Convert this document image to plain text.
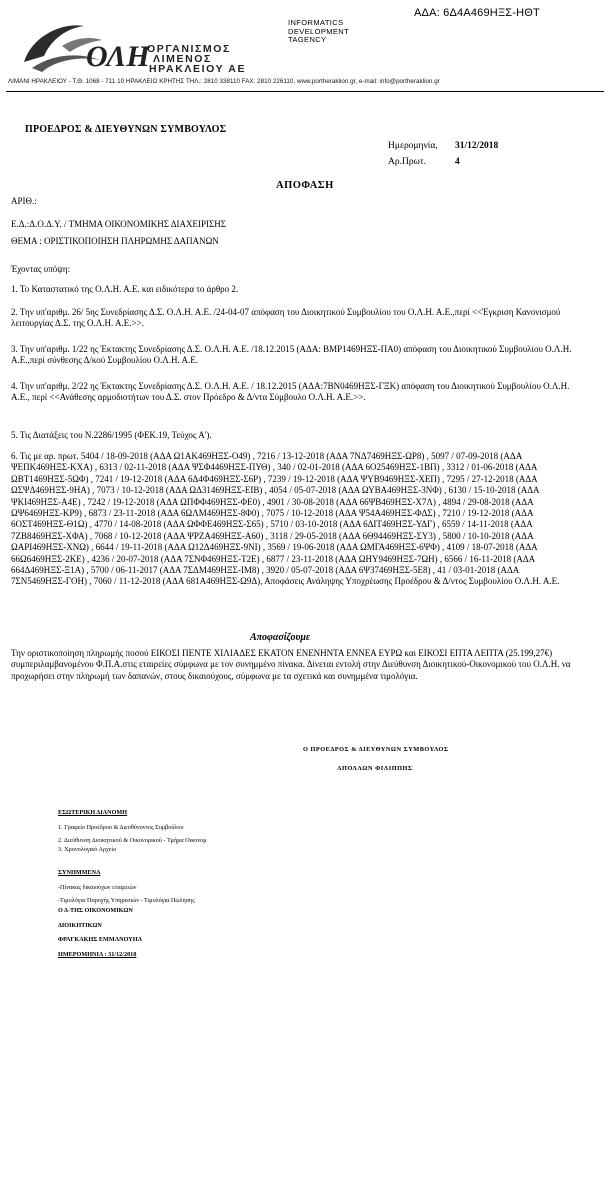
ΑΔΑ: 6Δ4Α469ΗΞΣ-ΗΘΤ
ΟΛΗ
ΟΡΓΑΝΙΣΜΟΣ
ΛΙΜΕΝΟΣ
ΗΡΑΚΛΕΙΟΥ ΑΕ
INFORMATICS
DEVELOPMENT
TAGENCY
ΛΙΜΑΝΙ ΗΡΑΚΛΕΙΟΥ - Τ.Θ. 1068 - 711 10 ΗΡΑΚΛΕΙΟ ΚΡΗΤΗΣ ΤΗΛ.: 2810 338110 FAX: 2810 226110, www.portheraklion.gr, e-mail: info@portheraklion.gr
ΠΡΟΕΔΡΟΣ & ΔΙΕΥΘΥΝΩΝ ΣΥΜΒΟΥΛΟΣ
Ημερομηνία,	31/12/2018
Αρ.Πρωτ.	4
ΑΠΟΦΑΣΗ
ΑΡΙΘ.:
Ε.Δ.:Δ.Ο.Δ.Υ. / ΤΜΗΜΑ ΟΙΚΟΝΟΜΙΚΗΣ ΔΙΑΧΕΙΡΙΣΗΣ
ΘΕΜΑ : ΟΡΙΣΤΙΚΟΠΟΙΗΣΗ ΠΛΗΡΩΜΗΣ ΔΑΠΑΝΩΝ
Έχοντας υπόψη:
1. Το Καταστατικό της Ο.Λ.Η. Α.Ε. και ειδικότερα το άρθρο 2.
2. Την υπ'αριθμ. 26/ 5ης Συνεδρίασης Δ.Σ. Ο.Λ.Η. Α.Ε. /24-04-07 απόφαση του Διοικητικού Συμβουλίου του Ο.Λ.Η. Α.Ε.,περί <<Έγκριση Κανονισμού λειτουργίας Δ.Σ. της Ο.Λ.Η. Α.Ε.>>.
3. Την υπ'αριθμ. 1/22 ης Έκτακτης Συνεδρίασης Δ.Σ. Ο.Λ.Η. Α.Ε. /18.12.2015 (ΑΔΑ: ΒΜΡ1469ΗΞΣ-ΠΑ0) απόφαση του Διοικητικού Συμβουλίου Ο.Λ.Η. Α.Ε.,περί σύνθεσης Δ/κού Συμβουλίου Ο.Λ.Η. Α.Ε.
4. Την υπ'αριθμ. 2/22 ης Έκτακτης Συνεδρίασης Δ.Σ. Ο.Λ.Η. Α.Ε. / 18.12.2015 (ΑΔΑ:7ΒΝ0469ΗΞΣ-ΓΞΚ) απόφαση του Διοικητικού Συμβουλίου Ο.Λ.Η. Α.Ε., περί <<Ανάθεσης αρμοδιοτήτων του Δ.Σ. στον Πρόεδρο & Δ/ντα Σύμβουλο Ο.Λ.Η. Α.Ε.>>.
5. Τις Διατάξεις του Ν.2286/1995 (ΦΕΚ.19, Τεύχος Α').
6. Τις με αρ. πρωτ. 5404 / 18-09-2018 (ΑΔΑ Ω1ΑΚ469ΗΞΣ-Ο49) , 7216 / 13-12-2018 (ΑΔΑ 7ΝΔ7469ΗΞΣ-ΩΡ8) , 5097 / 07-09-2018 (ΑΔΑ ΨΕΠΚ469ΗΞΣ-ΚΧΑ) , 6313 / 02-11-2018 (ΑΔΑ ΨΣΦ4469ΗΞΣ-ΠΥΘ) , 340 / 02-01-2018 (ΑΔΑ 6Ο25469ΗΞΣ-1ΒΠ) , 3312 / 01-06-2018 (ΑΔΑ ΩΒΤ1469ΗΞΣ-5ΩΦ) , 7241 / 19-12-2018 (ΑΔΑ 6Δ4Φ469ΗΞΣ-Σ6Ρ) , 7239 / 19-12-2018 (ΑΔΑ ΨΥΒ9469ΗΞΣ-ΧΕΠ) , 7295 / 27-12-2018 (ΑΔΑ ΩΣΨΔ469ΗΞΣ-9ΗΑ) , 7073 / 10-12-2018 (ΑΔΑ ΩΔ31469ΗΞΣ-ΕΙΒ) , 4054 / 05-07-2018 (ΑΔΑ ΩΥΒΑ469ΗΞΣ-3ΝΦ) , 6130 / 15-10-2018 (ΑΔΑ ΨΚΙ469ΗΞΣ-Α4Ε) , 7242 / 19-12-2018 (ΑΔΑ ΩΠΦΦ469ΗΞΣ-ΦΕ0) , 4901 / 30-08-2018 (ΑΔΑ 66ΨΒ469ΗΞΣ-Χ7Λ) , 4894 / 29-08-2018 (ΑΔΑ ΩΨ6469ΗΞΣ-ΚΡ9) , 6873 / 23-11-2018 (ΑΔΑ 6ΩΛΜ469ΗΞΣ-8Φ0) , 7075 / 10-12-2018 (ΑΔΑ Ψ54Α469ΗΞΣ-ΦΔΣ) , 7210 / 19-12-2018 (ΑΔΑ 6ΟΣΤ469ΗΞΣ-Θ1Ω) , 4770 / 14-08-2018 (ΑΔΑ ΩΦΦΕ469ΗΞΣ-Σ65) , 5710 / 03-10-2018 (ΑΔΑ 6ΔΙΤ469ΗΞΣ-ΥΔΓ) , 6559 / 14-11-2018 (ΑΔΑ 7ΖΒ8469ΗΞΣ-ΧΦΑ) , 7068 / 10-12-2018 (ΑΔΑ ΨΡΖΑ469ΗΞΣ-Α60) , 3118 / 29-05-2018 (ΑΔΑ 6Θ94469ΗΞΣ-ΣΥ3) , 5800 / 10-10-2018 (ΑΔΑ ΩΑΡΙ469ΗΞΣ-ΧΝΩ) , 6644 / 19-11-2018 (ΑΔΑ Ω12Δ469ΗΞΣ-9ΝΙ) , 3569 / 19-06-2018 (ΑΔΑ ΩΜΓΑ469ΗΞΣ-6ΨΦ) , 4109 / 18-07-2018 (ΑΔΑ 66Ω6469ΗΞΣ-2ΚΕ) , 4236 / 20-07-2018 (ΑΔΑ 7ΣΝΦ469ΗΞΣ-Τ2Ε) , 6877 / 23-11-2018 (ΑΔΑ ΩΗΥ9469ΗΞΣ-7ΩΗ) , 6566 / 16-11-2018 (ΑΔΑ 664Δ469ΗΞΣ-Ξ1Α) , 5700 / 06-11-2017 (ΑΔΑ 7ΣΔΜ469ΗΞΣ-ΙΜ8) , 3920 / 05-07-2018 (ΑΔΑ 6Ψ37469ΗΞΣ-5Ε8) , 41 / 03-01-2018 (ΑΔΑ 7ΣΝ5469ΗΞΣ-ΓΟΗ) , 7060 / 11-12-2018 (ΑΔΑ 681Α469ΗΞΣ-Ω9Δ), Αποφάσεις Ανάληψης Υποχρέωσης Προέδρου & Δ/ντος Συμβουλίου Ο.Λ.Η. Α.Ε.
Αποφασίζουμε
Την οριστικοποίηση πληρωμής ποσού ΕΙΚΟΣΙ ΠΕΝΤΕ ΧΙΛΙΑΔΕΣ ΕΚΑΤΟΝ ΕΝΕΝΗΝΤΑ ΕΝΝΕΑ ΕΥΡΩ και ΕΙΚΟΣΙ ΕΠΤΑ ΛΕΠΤΑ (25.199,27€) συμπεριλαμβανομένου Φ.Π.Α.στις εταιρείες σύμφωνα με τον συνημμένο πίνακα. Δίνεται εντολή στην Διεύθυνση Διοικητικού-Οικονομικού του Ο.Λ.Η. να προχωρήσει στην πληρωμή των δαπανών, στους δικαιούχους, σύμφωνα με τα σχετικά και συνημμένα τιμολόγια.
Ο ΠΡΟΕΔΡΟΣ & ΔΙΕΥΘΥΝΩΝ ΣΥΜΒΟΥΛΟΣ
ΑΠΟΛΛΩΝ ΦΙΛΙΠΠΗΣ
ΕΣΩΤΕΡΙΚΗ ΔΙΑΝΟΜΗ
1. Γραφείο Προέδρου & Διευθύνοντος Συμβούλου
2. Διεύθυνση Διοικητικού & Οικονομικού - Τμήμα Οικονομ
3. Χρονολογικό Αρχείο
ΣΥΝΗΜΜΕΝΑ
-Πίνακας δικαιούχων εταιρειών
-Τιμολόγια Παροχής Υπηρεσιών - Τιμολόγια Πώλησης
Ο Δ-ΤΗΣ ΟΙΚΟΝΟΜΙΚΩΝ
ΔΙΟΙΚΗΤΙΚΩΝ
ΦΡΑΓΚΑΚΗΣ ΕΜΜΑΝΟΥΗΛ
ΗΜΕΡΟΜΗΝΙΑ : 31/12/2018
